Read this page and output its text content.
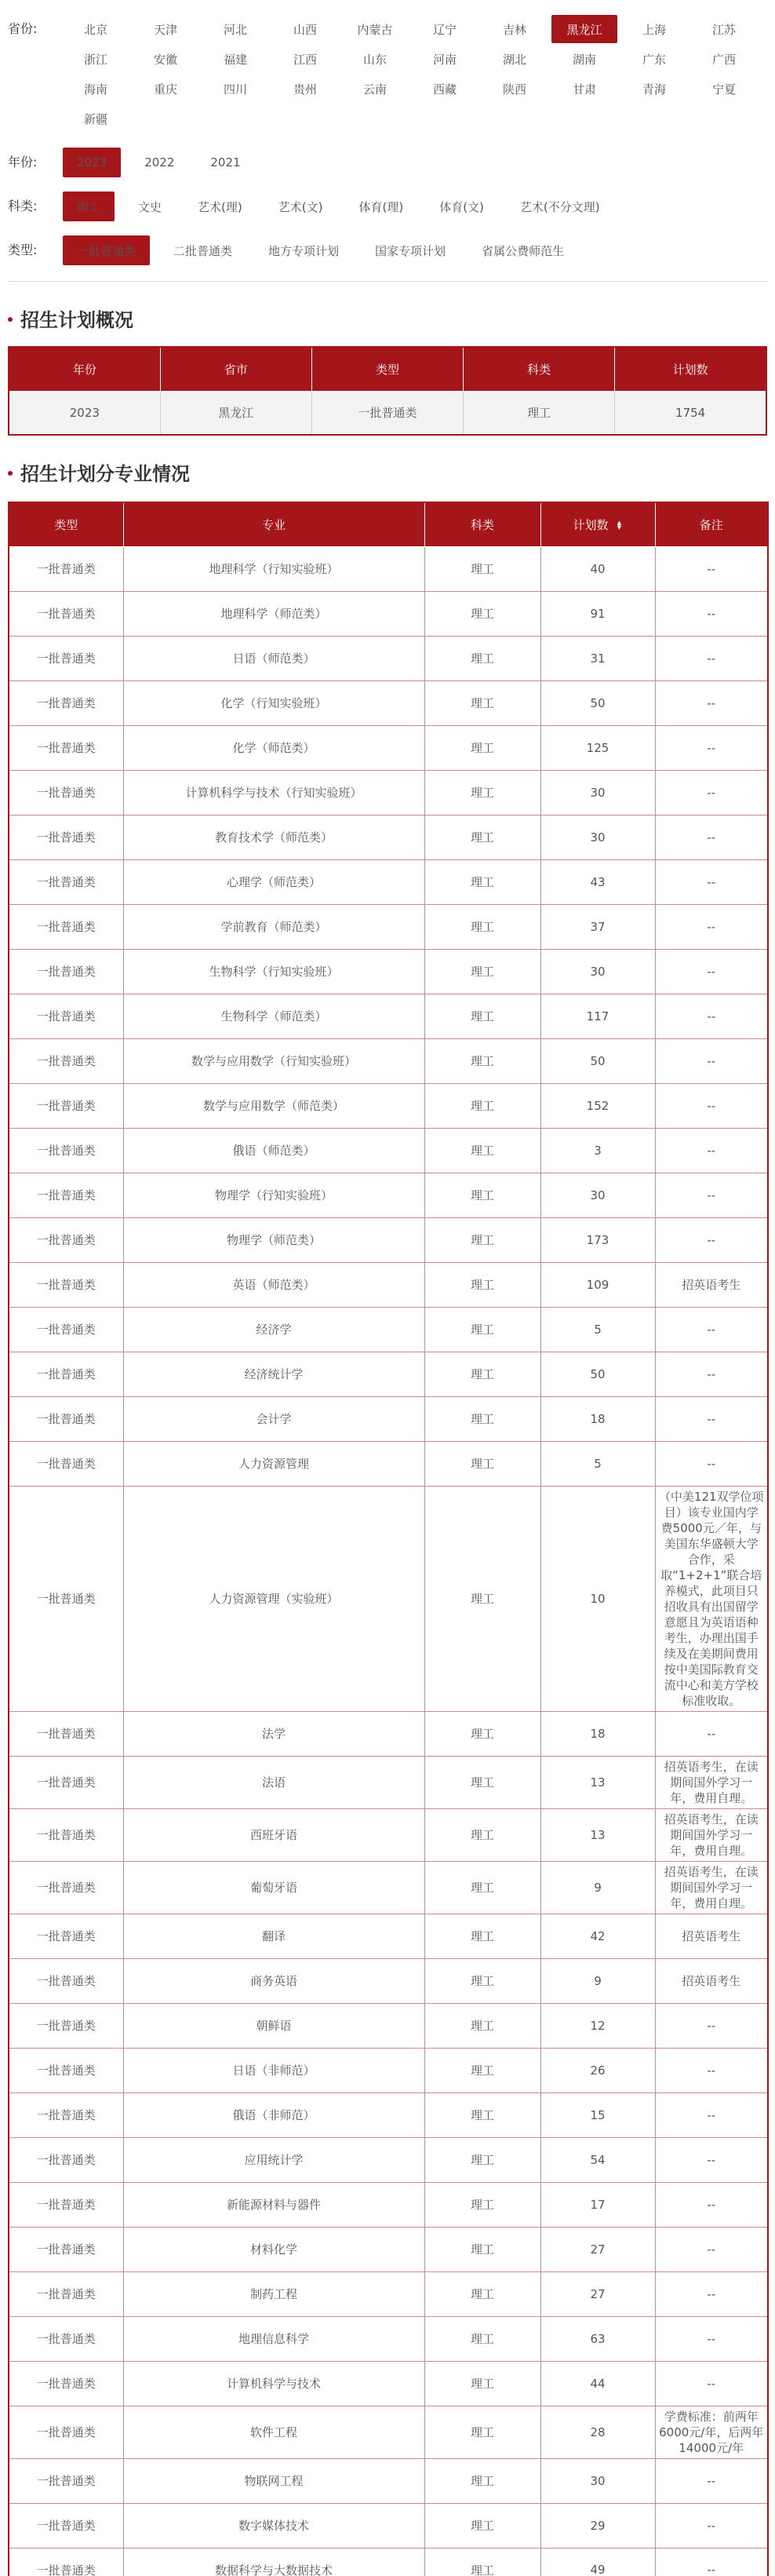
省份:	北京	天津	河北	山西	内蒙古	辽宁	吉林	黑龙江	上海	江苏
浙江	安徽	福建	江西	山东	河南	湖北	湖南	广东	广西
海南	重庆	四川	贵州	云南	西藏	陕西	甘肃	青海	宁夏
新疆
年份:	2023	2022	2021
科类:	理工	文史	艺术(理)	艺术(文)	体育(理)	体育(文)	艺术(不分文理)
类型:	一批普通类	二批普通类	地方专项计划	国家专项计划	省属公费师范生
招生计划概况
年份	省市	类型	科类	计划数
2023	黑龙江	一批普通类	理工	1754
招生计划分专业情况
类型	专业	科类	计划数 ▲▼	备注
一批普通类	地理科学（行知实验班）	理工	40	--
一批普通类	地理科学（师范类）	理工	91	--
一批普通类	日语（师范类）	理工	31	--
一批普通类	化学（行知实验班）	理工	50	--
一批普通类	化学（师范类）	理工	125	--
一批普通类	计算机科学与技术（行知实验班）	理工	30	--
一批普通类	教育技术学（师范类）	理工	30	--
一批普通类	心理学（师范类）	理工	43	--
一批普通类	学前教育（师范类）	理工	37	--
一批普通类	生物科学（行知实验班）	理工	30	--
一批普通类	生物科学（师范类）	理工	117	--
一批普通类	数学与应用数学（行知实验班）	理工	50	--
一批普通类	数学与应用数学（师范类）	理工	152	--
一批普通类	俄语（师范类）	理工	3	--
一批普通类	物理学（行知实验班）	理工	30	--
一批普通类	物理学（师范类）	理工	173	--
一批普通类	英语（师范类）	理工	109	招英语考生
一批普通类	经济学	理工	5	--
一批普通类	经济统计学	理工	50	--
一批普通类	会计学	理工	18	--
一批普通类	人力资源管理	理工	5	--
一批普通类	人力资源管理（实验班）	理工	10	（中美121双学位项目）该专业国内学费5000元／年，与美国东华盛顿大学合作，采取“1+2+1”联合培养模式，此项目只招收具有出国留学意愿且为英语语种考生，办理出国手续及在美期间费用按中美国际教育交流中心和美方学校标准收取。
一批普通类	法学	理工	18	--
一批普通类	法语	理工	13	招英语考生，在读期间国外学习一年，费用自理。
一批普通类	西班牙语	理工	13	招英语考生，在读期间国外学习一年，费用自理。
一批普通类	葡萄牙语	理工	9	招英语考生，在读期间国外学习一年，费用自理。
一批普通类	翻译	理工	42	招英语考生
一批普通类	商务英语	理工	9	招英语考生
一批普通类	朝鲜语	理工	12	--
一批普通类	日语（非师范）	理工	26	--
一批普通类	俄语（非师范）	理工	15	--
一批普通类	应用统计学	理工	54	--
一批普通类	新能源材料与器件	理工	17	--
一批普通类	材料化学	理工	27	--
一批普通类	制药工程	理工	27	--
一批普通类	地理信息科学	理工	63	--
一批普通类	计算机科学与技术	理工	44	--
一批普通类	软件工程	理工	28	学费标准：前两年6000元/年，后两年14000元/年
一批普通类	物联网工程	理工	30	--
一批普通类	数字媒体技术	理工	29	--
一批普通类	数据科学与大数据技术	理工	49	--
